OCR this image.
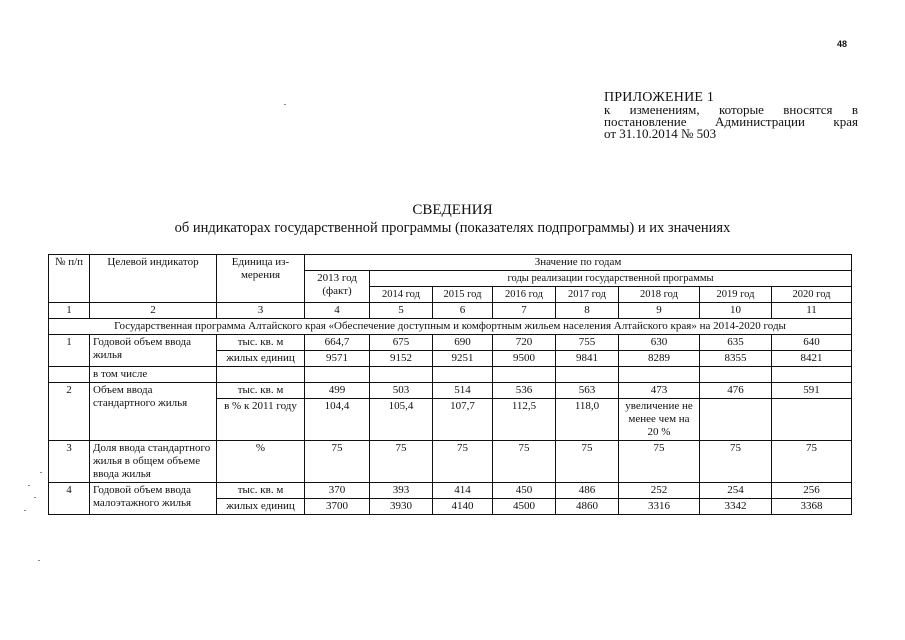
48
ПРИЛОЖЕНИЕ 1
к изменениям, которые вносятся в
постановление Администрации края
от 31.10.2014 № 503
СВЕДЕНИЯ
об индикаторах государственной программы (показателях подпрограммы) и их значениях
№ п/п	Целевой индикатор	Единица из-мерения	Значение по годам							
			2013 год (факт)	годы реализации государственной программы						
				2014 год	2015 год	2016 год	2017 год	2018 год	2019 год	2020 год
1	2	3	4	5	6	7	8	9	10	11
Государственная программа Алтайского края «Обеспечение доступным и комфортным жильем населения Алтайского края» на 2014-2020 годы										
1	Годовой объем ввода жилья	тыс. кв. м	664,7	675	690	720	755	630	635	640
		жилых единиц	9571	9152	9251	9500	9841	8289	8355	8421
	в том числе									
2	Объем ввода стандартного жилья	тыс. кв. м	499	503	514	536	563	473	476	591
		в % к 2011 году	104,4	105,4	107,7	112,5	118,0	увеличение не менее чем на 20 %		
3	Доля ввода стандартного жилья в общем объеме ввода жилья	%	75	75	75	75	75	75	75	75
4	Годовой объем ввода малоэтажного жилья	тыс. кв. м	370	393	414	450	486	252	254	256
		жилых единиц	3700	3930	4140	4500	4860	3316	3342	3368
